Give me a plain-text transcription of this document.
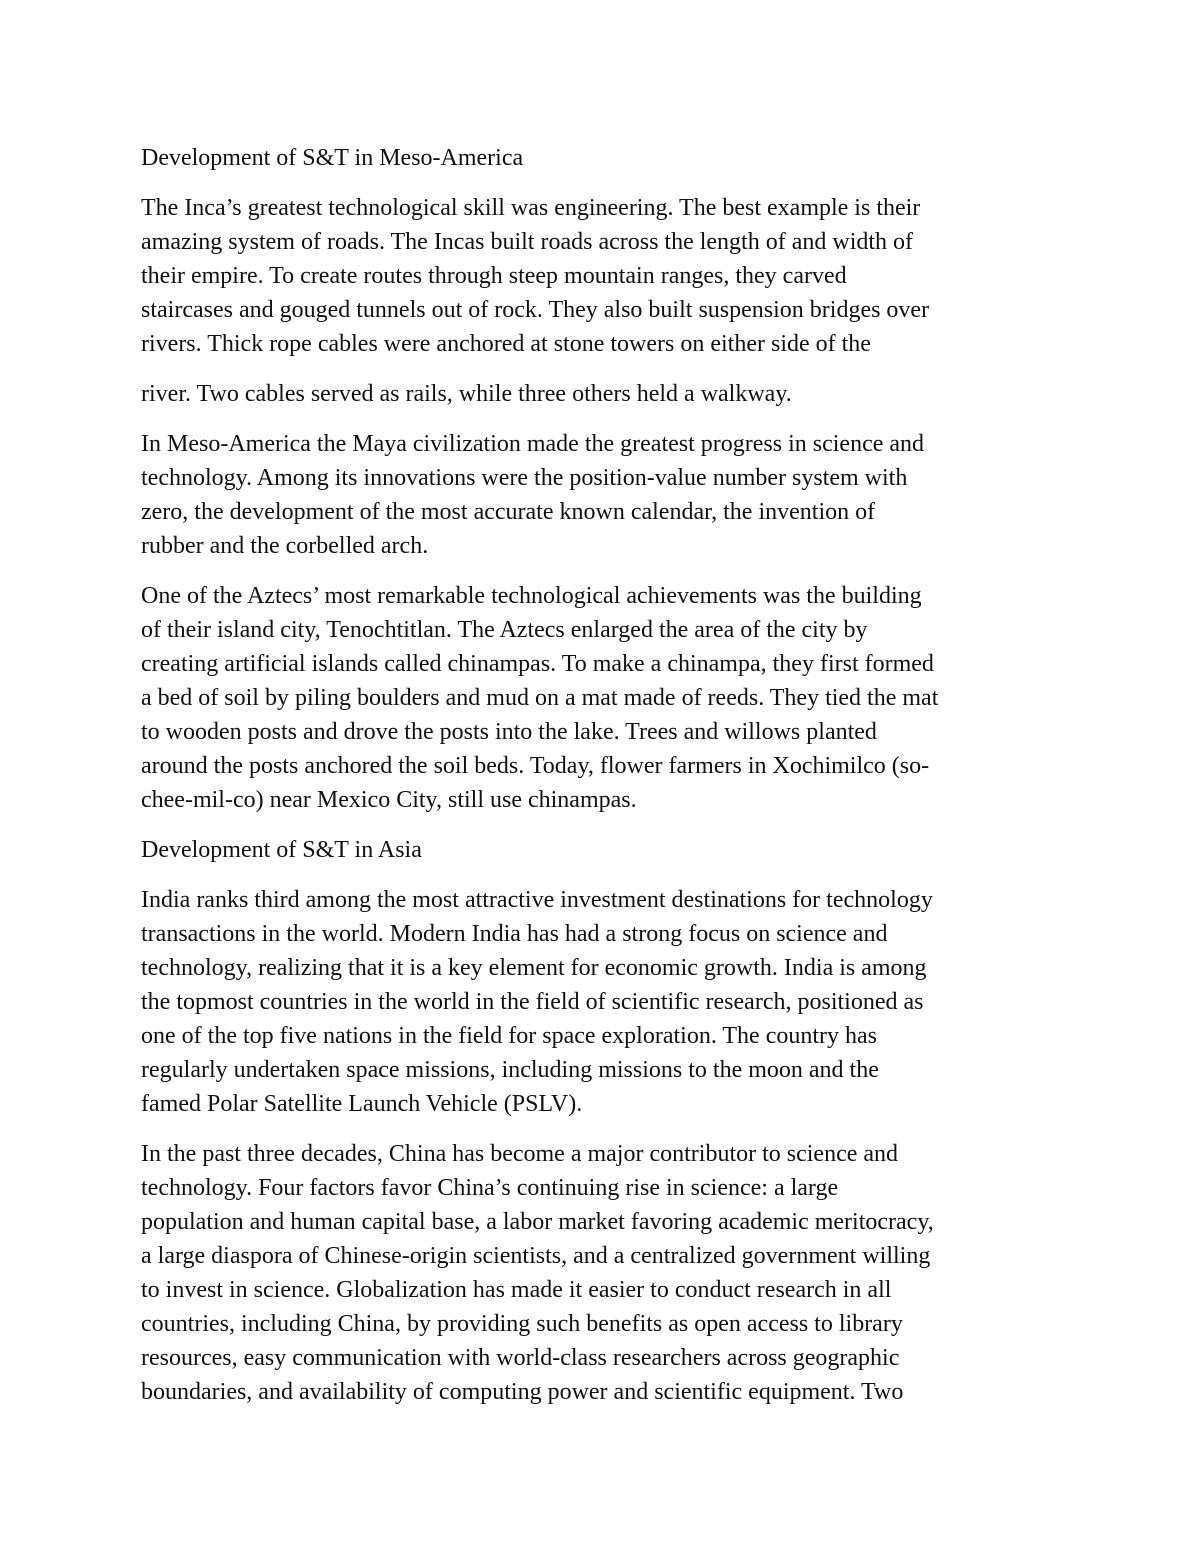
Development of S&T in Meso-America

The Inca’s greatest technological skill was engineering. The best example is their
amazing system of roads. The Incas built roads across the length of and width of
their empire. To create routes through steep mountain ranges, they carved
staircases and gouged tunnels out of rock. They also built suspension bridges over
rivers. Thick rope cables were anchored at stone towers on either side of the

river. Two cables served as rails, while three others held a walkway.

In Meso-America the Maya civilization made the greatest progress in science and
technology. Among its innovations were the position-value number system with
zero, the development of the most accurate known calendar, the invention of
rubber and the corbelled arch.

One of the Aztecs’ most remarkable technological achievements was the building
of their island city, Tenochtitlan. The Aztecs enlarged the area of the city by
creating artificial islands called chinampas. To make a chinampa, they first formed
a bed of soil by piling boulders and mud on a mat made of reeds. They tied the mat
to wooden posts and drove the posts into the lake. Trees and willows planted
around the posts anchored the soil beds. Today, flower farmers in Xochimilco (so-
chee-mil-co) near Mexico City, still use chinampas.

Development of S&T in Asia

India ranks third among the most attractive investment destinations for technology
transactions in the world. Modern India has had a strong focus on science and
technology, realizing that it is a key element for economic growth. India is among
the topmost countries in the world in the field of scientific research, positioned as
one of the top five nations in the field for space exploration. The country has
regularly undertaken space missions, including missions to the moon and the
famed Polar Satellite Launch Vehicle (PSLV).

In the past three decades, China has become a major contributor to science and
technology. Four factors favor China’s continuing rise in science: a large
population and human capital base, a labor market favoring academic meritocracy,
a large diaspora of Chinese-origin scientists, and a centralized government willing
to invest in science. Globalization has made it easier to conduct research in all
countries, including China, by providing such benefits as open access to library
resources, easy communication with world-class researchers across geographic
boundaries, and availability of computing power and scientific equipment. Two
